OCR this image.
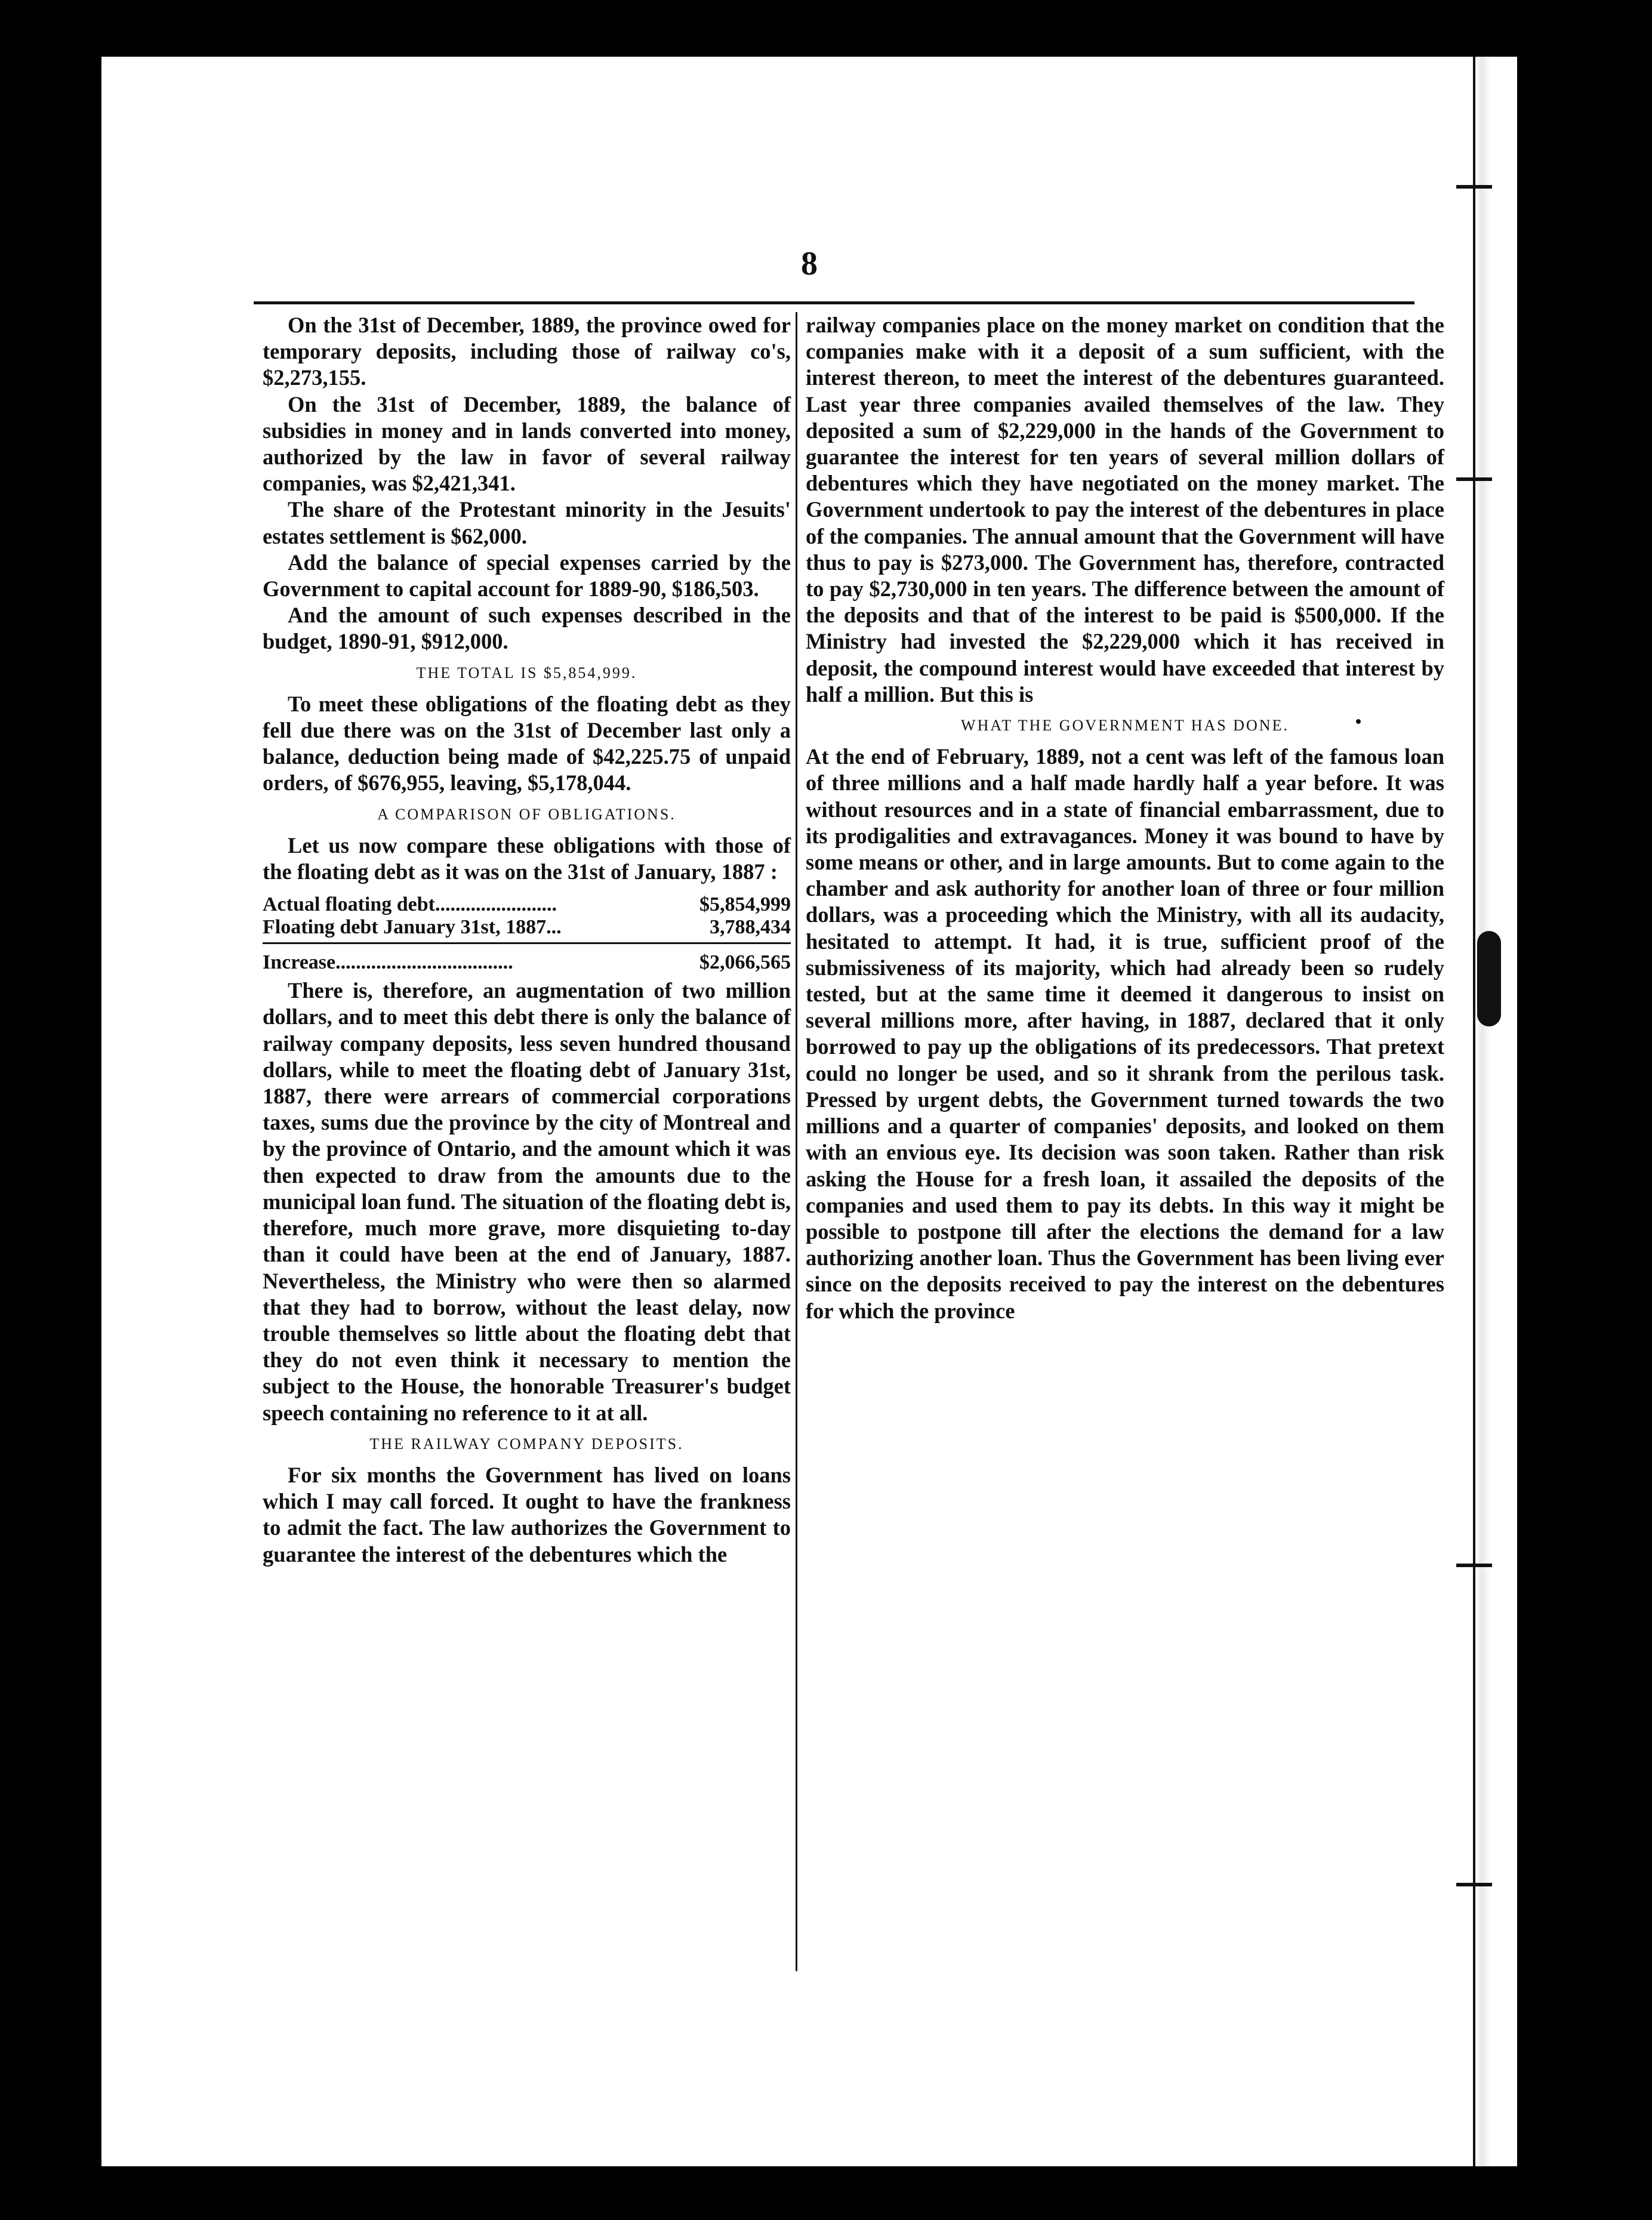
8

On the 31st of December, 1889, the province owed for temporary deposits, including those of railway co's, $2,273,155.

On the 31st of December, 1889, the balance of subsidies in money and in lands converted into money, authorized by the law in favor of several railway companies, was $2,421,341.

The share of the Protestant minority in the Jesuits' estates settlement is $62,000.

Add the balance of special expenses carried by the Government to capital account for 1889-90, $186,503.

And the amount of such expenses described in the budget, 1890-91, $912,000.

THE TOTAL IS $5,854,999.

To meet these obligations of the floating debt as they fell due there was on the 31st of December last only a balance, deduction being made of $42,225.75 of unpaid orders, of $676,955, leaving, $5,178,044.

A COMPARISON OF OBLIGATIONS.

Let us now compare these obligations with those of the floating debt as it was on the 31st of January, 1887 :

Actual floating debt........................	$5,854,999
Floating debt January 31st, 1887...	3,788,434
Increase...................................	$2,066,565

There is, therefore, an augmentation of two million dollars, and to meet this debt there is only the balance of railway company deposits, less seven hundred thousand dollars, while to meet the floating debt of January 31st, 1887, there were arrears of commercial corporations taxes, sums due the province by the city of Montreal and by the province of Ontario, and the amount which it was then expected to draw from the amounts due to the municipal loan fund. The situation of the floating debt is, therefore, much more grave, more disquieting to-day than it could have been at the end of January, 1887. Nevertheless, the Ministry who were then so alarmed that they had to borrow, without the least delay, now trouble themselves so little about the floating debt that they do not even think it necessary to mention the subject to the House, the honorable Treasurer's budget speech containing no reference to it at all.

THE RAILWAY COMPANY DEPOSITS.

For six months the Government has lived on loans which I may call forced. It ought to have the frankness to admit the fact. The law authorizes the Government to guarantee the interest of the debentures which the

railway companies place on the money market on condition that the companies make with it a deposit of a sum sufficient, with the interest thereon, to meet the interest of the debentures guaranteed. Last year three companies availed themselves of the law. They deposited a sum of $2,229,000 in the hands of the Government to guarantee the interest for ten years of several million dollars of debentures which they have negotiated on the money market. The Government undertook to pay the interest of the debentures in place of the companies. The annual amount that the Government will have thus to pay is $273,000. The Government has, therefore, contracted to pay $2,730,000 in ten years. The difference between the amount of the deposits and that of the interest to be paid is $500,000. If the Ministry had invested the $2,229,000 which it has received in deposit, the compound interest would have exceeded that interest by half a million. But this is

WHAT THE GOVERNMENT HAS DONE.

At the end of February, 1889, not a cent was left of the famous loan of three millions and a half made hardly half a year before. It was without resources and in a state of financial embarrassment, due to its prodigalities and extravagances. Money it was bound to have by some means or other, and in large amounts. But to come again to the chamber and ask authority for another loan of three or four million dollars, was a proceeding which the Ministry, with all its audacity, hesitated to attempt. It had, it is true, sufficient proof of the submissiveness of its majority, which had already been so rudely tested, but at the same time it deemed it dangerous to insist on several millions more, after having, in 1887, declared that it only borrowed to pay up the obligations of its predecessors. That pretext could no longer be used, and so it shrank from the perilous task. Pressed by urgent debts, the Government turned towards the two millions and a quarter of companies' deposits, and looked on them with an envious eye. Its decision was soon taken. Rather than risk asking the House for a fresh loan, it assailed the deposits of the companies and used them to pay its debts. In this way it might be possible to postpone till after the elections the demand for a law authorizing another loan. Thus the Government has been living ever since on the deposits received to pay the interest on the debentures for which the province
